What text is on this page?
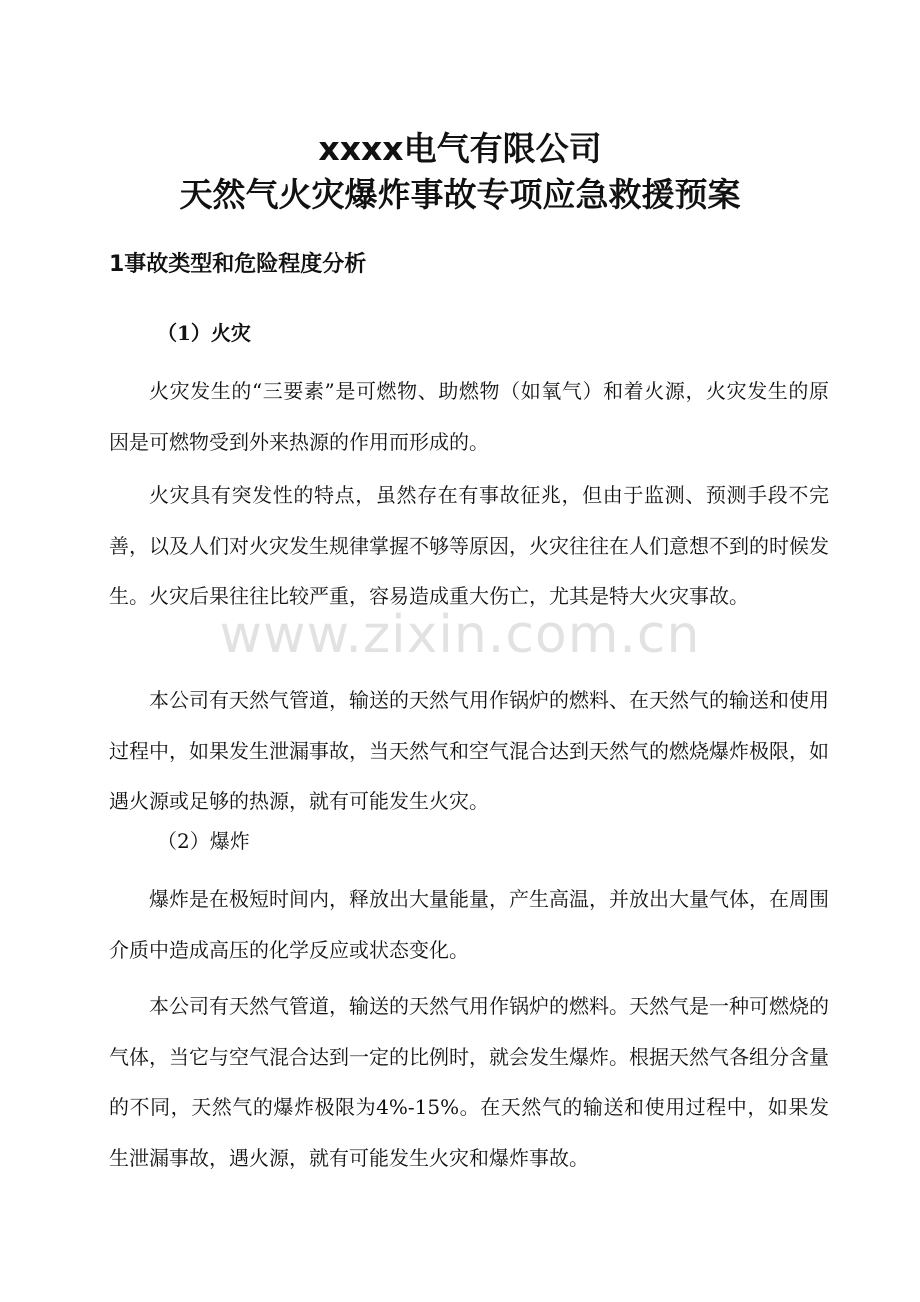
xxxx电气有限公司
天然气火灾爆炸事故专项应急救援预案
1事故类型和危险程度分析

（1）火灾

火灾发生的“三要素”是可燃物、助燃物（如氧气）和着火源，火灾发生的原因是可燃物受到外来热源的作用而形成的。

火灾具有突发性的特点，虽然存在有事故征兆，但由于监测、预测手段不完善，以及人们对火灾发生规律掌握不够等原因，火灾往往在人们意想不到的时候发生。火灾后果往往比较严重，容易造成重大伤亡，尤其是特大火灾事故。

本公司有天然气管道，输送的天然气用作锅炉的燃料、在天然气的输送和使用过程中，如果发生泄漏事故，当天然气和空气混合达到天然气的燃烧爆炸极限，如遇火源或足够的热源，就有可能发生火灾。

（2）爆炸

爆炸是在极短时间内，释放出大量能量，产生高温，并放出大量气体，在周围介质中造成高压的化学反应或状态变化。

本公司有天然气管道，输送的天然气用作锅炉的燃料。天然气是一种可燃烧的气体，当它与空气混合达到一定的比例时，就会发生爆炸。根据天然气各组分含量的不同，天然气的爆炸极限为4%-15%。在天然气的输送和使用过程中，如果发生泄漏事故，遇火源，就有可能发生火灾和爆炸事故。

www.zixin.com.cn
